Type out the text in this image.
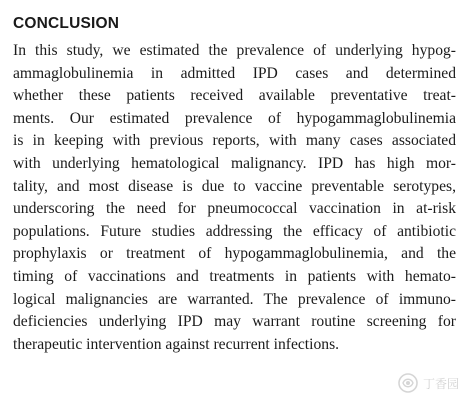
CONCLUSION

In this study, we estimated the prevalence of underlying hypog-
ammaglobulinemia in admitted IPD cases and determined
whether these patients received available preventative treat-
ments. Our estimated prevalence of hypogammaglobulinemia
is in keeping with previous reports, with many cases associated
with underlying hematological malignancy. IPD has high mor-
tality, and most disease is due to vaccine preventable serotypes,
underscoring the need for pneumococcal vaccination in at-risk
populations. Future studies addressing the efficacy of antibiotic
prophylaxis or treatment of hypogammaglobulinemia, and the
timing of vaccinations and treatments in patients with hemato-
logical malignancies are warranted. The prevalence of immuno-
deficiencies underlying IPD may warrant routine screening for
therapeutic intervention against recurrent infections.

丁香园
